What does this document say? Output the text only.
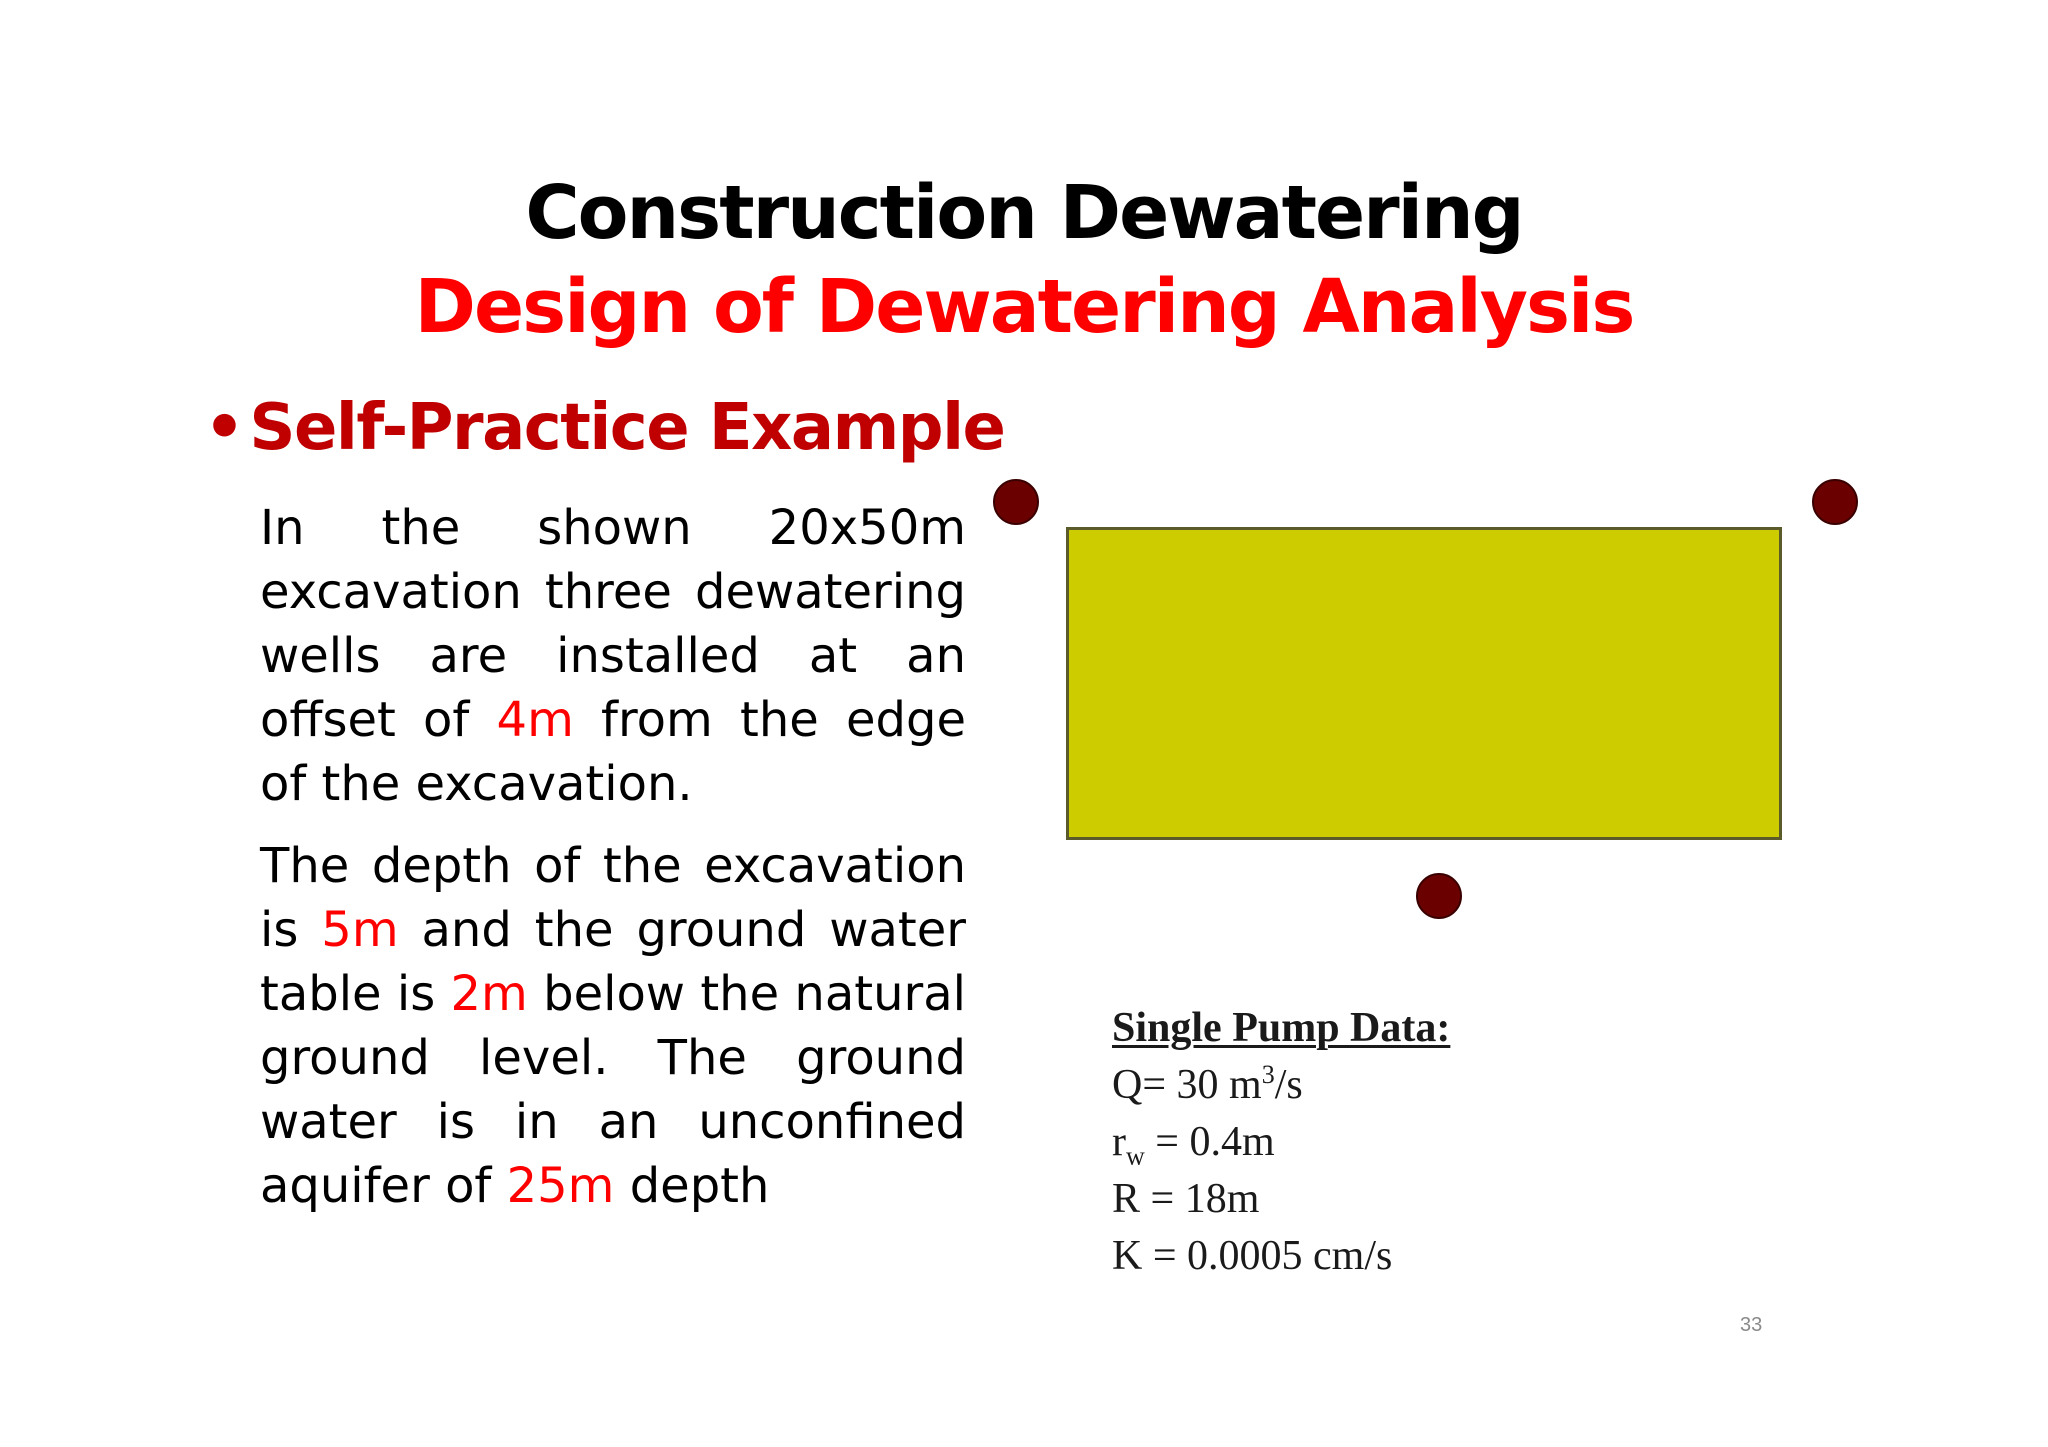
Construction Dewatering
Design of Dewatering Analysis
•Self-Practice Example

In the shown 20x50m excavation three dewatering wells are installed at an offset of 4m from the edge of the excavation.

The depth of the excavation is 5m and the ground water table is 2m below the natural ground level. The ground water is in an unconfined aquifer of 25m depth

Single Pump Data:
Q= 30 $m^3/s$
$r_w = 0.4m$
R = 18m
K = 0.0005 cm/s
33
